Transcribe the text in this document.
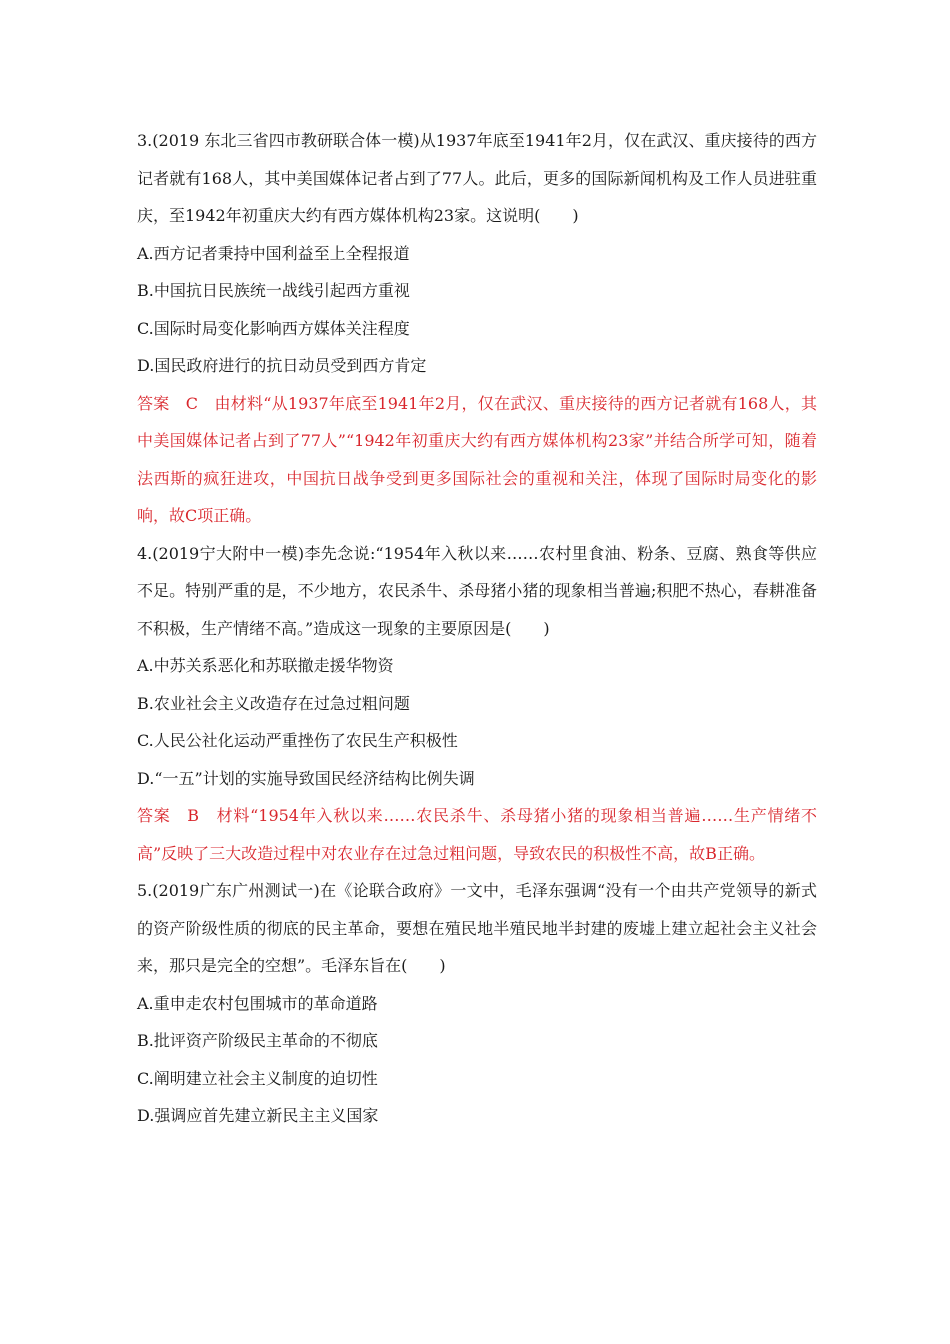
3.(2019 东北三省四市教研联合体一模)从1937年底至1941年2月，仅在武汉、重庆接待的西方记者就有168人，其中美国媒体记者占到了77人。此后，更多的国际新闻机构及工作人员进驻重庆，至1942年初重庆大约有西方媒体机构23家。这说明(　　)

A.西方记者秉持中国利益至上全程报道

B.中国抗日民族统一战线引起西方重视

C.国际时局变化影响西方媒体关注程度

D.国民政府进行的抗日动员受到西方肯定

答案　C　由材料“从1937年底至1941年2月，仅在武汉、重庆接待的西方记者就有168人，其中美国媒体记者占到了77人”“1942年初重庆大约有西方媒体机构23家”并结合所学可知，随着法西斯的疯狂进攻，中国抗日战争受到更多国际社会的重视和关注，体现了国际时局变化的影响，故C项正确。

4.(2019宁大附中一模)李先念说:“1954年入秋以来……农村里食油、粉条、豆腐、熟食等供应不足。特别严重的是，不少地方，农民杀牛、杀母猪小猪的现象相当普遍;积肥不热心，春耕准备不积极，生产情绪不高。”造成这一现象的主要原因是(　　)

A.中苏关系恶化和苏联撤走援华物资

B.农业社会主义改造存在过急过粗问题

C.人民公社化运动严重挫伤了农民生产积极性

D.“一五”计划的实施导致国民经济结构比例失调

答案　B　材料“1954年入秋以来……农民杀牛、杀母猪小猪的现象相当普遍……生产情绪不高”反映了三大改造过程中对农业存在过急过粗问题，导致农民的积极性不高，故B正确。

5.(2019广东广州测试一)在《论联合政府》一文中，毛泽东强调“没有一个由共产党领导的新式的资产阶级性质的彻底的民主革命，要想在殖民地半殖民地半封建的废墟上建立起社会主义社会来，那只是完全的空想”。毛泽东旨在(　　)

A.重申走农村包围城市的革命道路

B.批评资产阶级民主革命的不彻底

C.阐明建立社会主义制度的迫切性

D.强调应首先建立新民主主义国家
